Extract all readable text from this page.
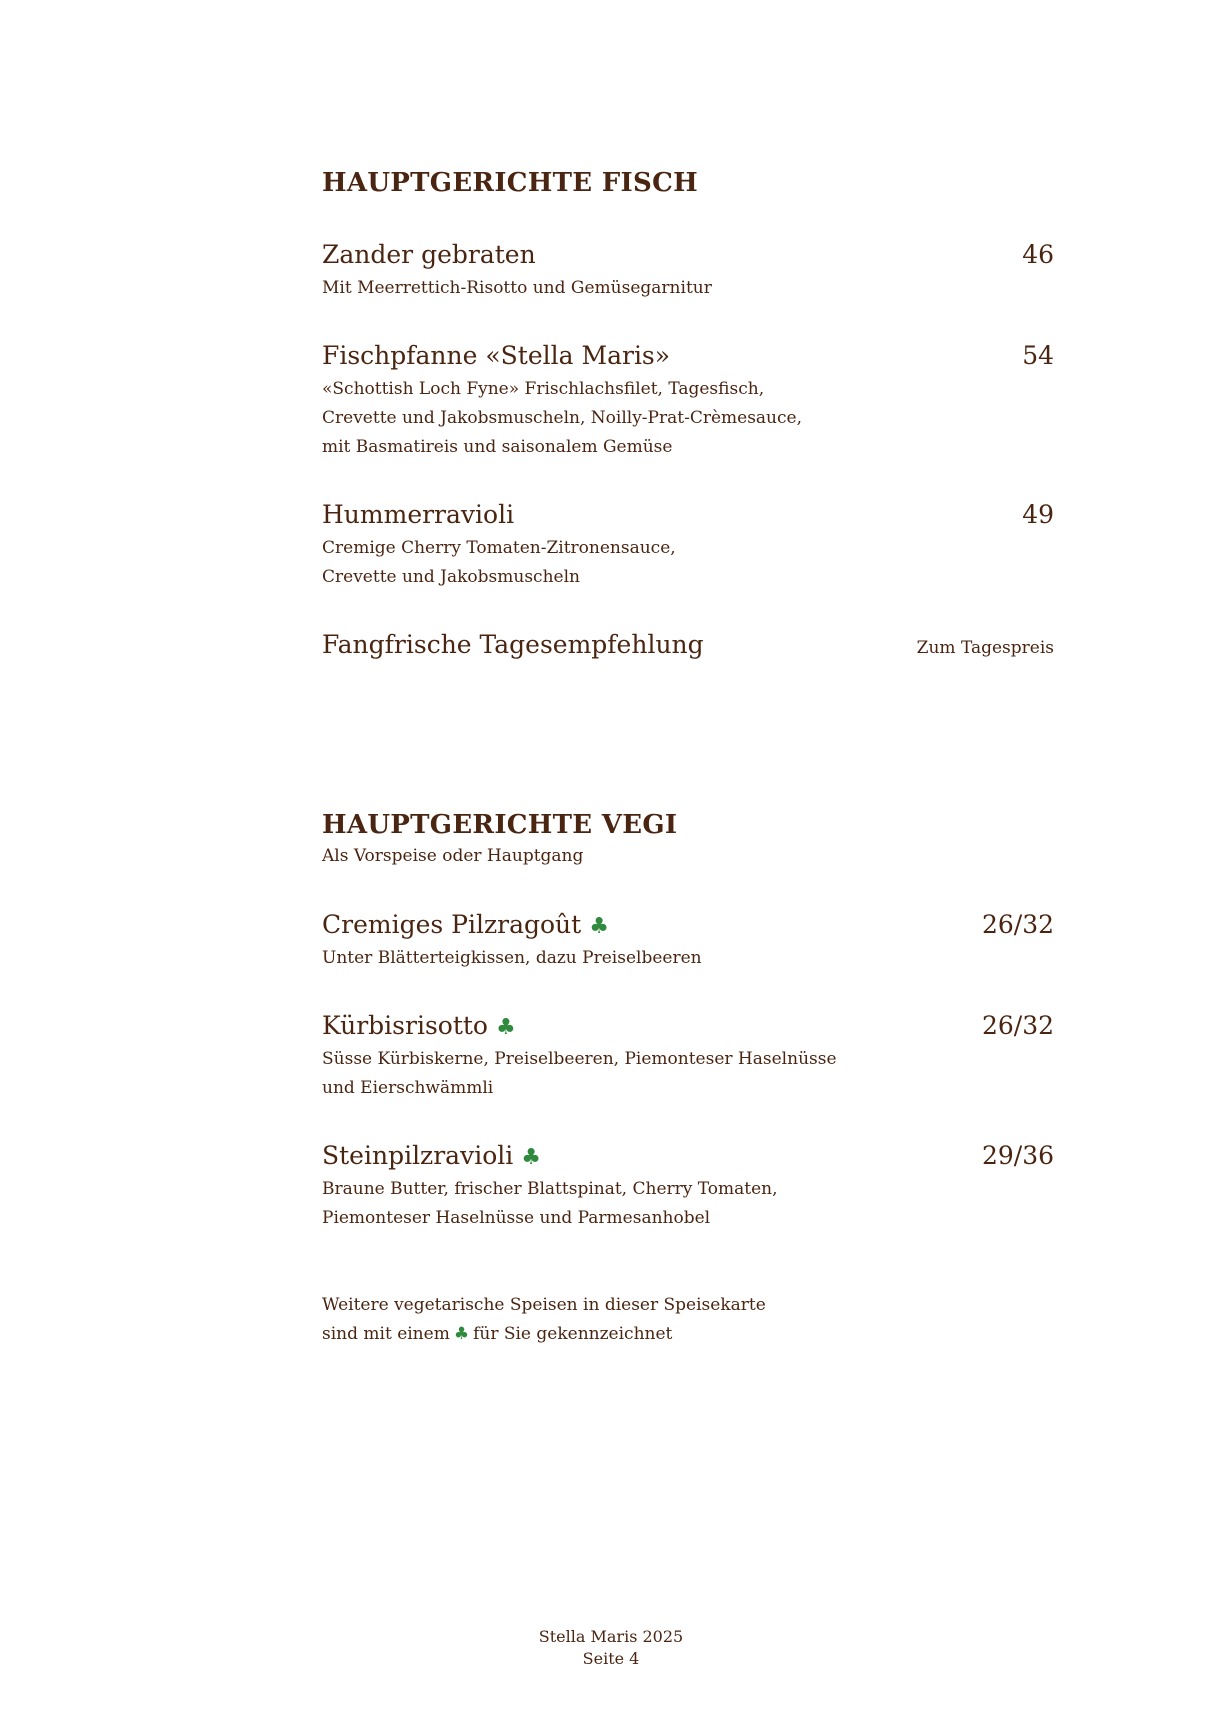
HAUPTGERICHTE FISCH
Zander gebraten	46
Mit Meerrettich-Risotto und Gemüsegarnitur
Fischpfanne «Stella Maris»	54
«Schottish Loch Fyne» Frischlachsfilet, Tagesfisch,
Crevette und Jakobsmuscheln, Noilly-Prat-Crèmesauce,
mit Basmatireis und saisonalem Gemüse
Hummerravioli	49
Cremige Cherry Tomaten-Zitronensauce,
Crevette und Jakobsmuscheln
Fangfrische Tagesempfehlung	Zum Tagespreis
HAUPTGERICHTE VEGI
Als Vorspeise oder Hauptgang
Cremiges Pilzragoût ♣	26/32
Unter Blätterteigkissen, dazu Preiselbeeren
Kürbisrisotto ♣	26/32
Süsse Kürbiskerne, Preiselbeeren, Piemonteser Haselnüsse
und Eierschwämmli
Steinpilzravioli ♣	29/36
Braune Butter, frischer Blattspinat, Cherry Tomaten,
Piemonteser Haselnüsse und Parmesanhobel
Weitere vegetarische Speisen in dieser Speisekarte
sind mit einem ♣ für Sie gekennzeichnet
Stella Maris 2025
Seite 4
